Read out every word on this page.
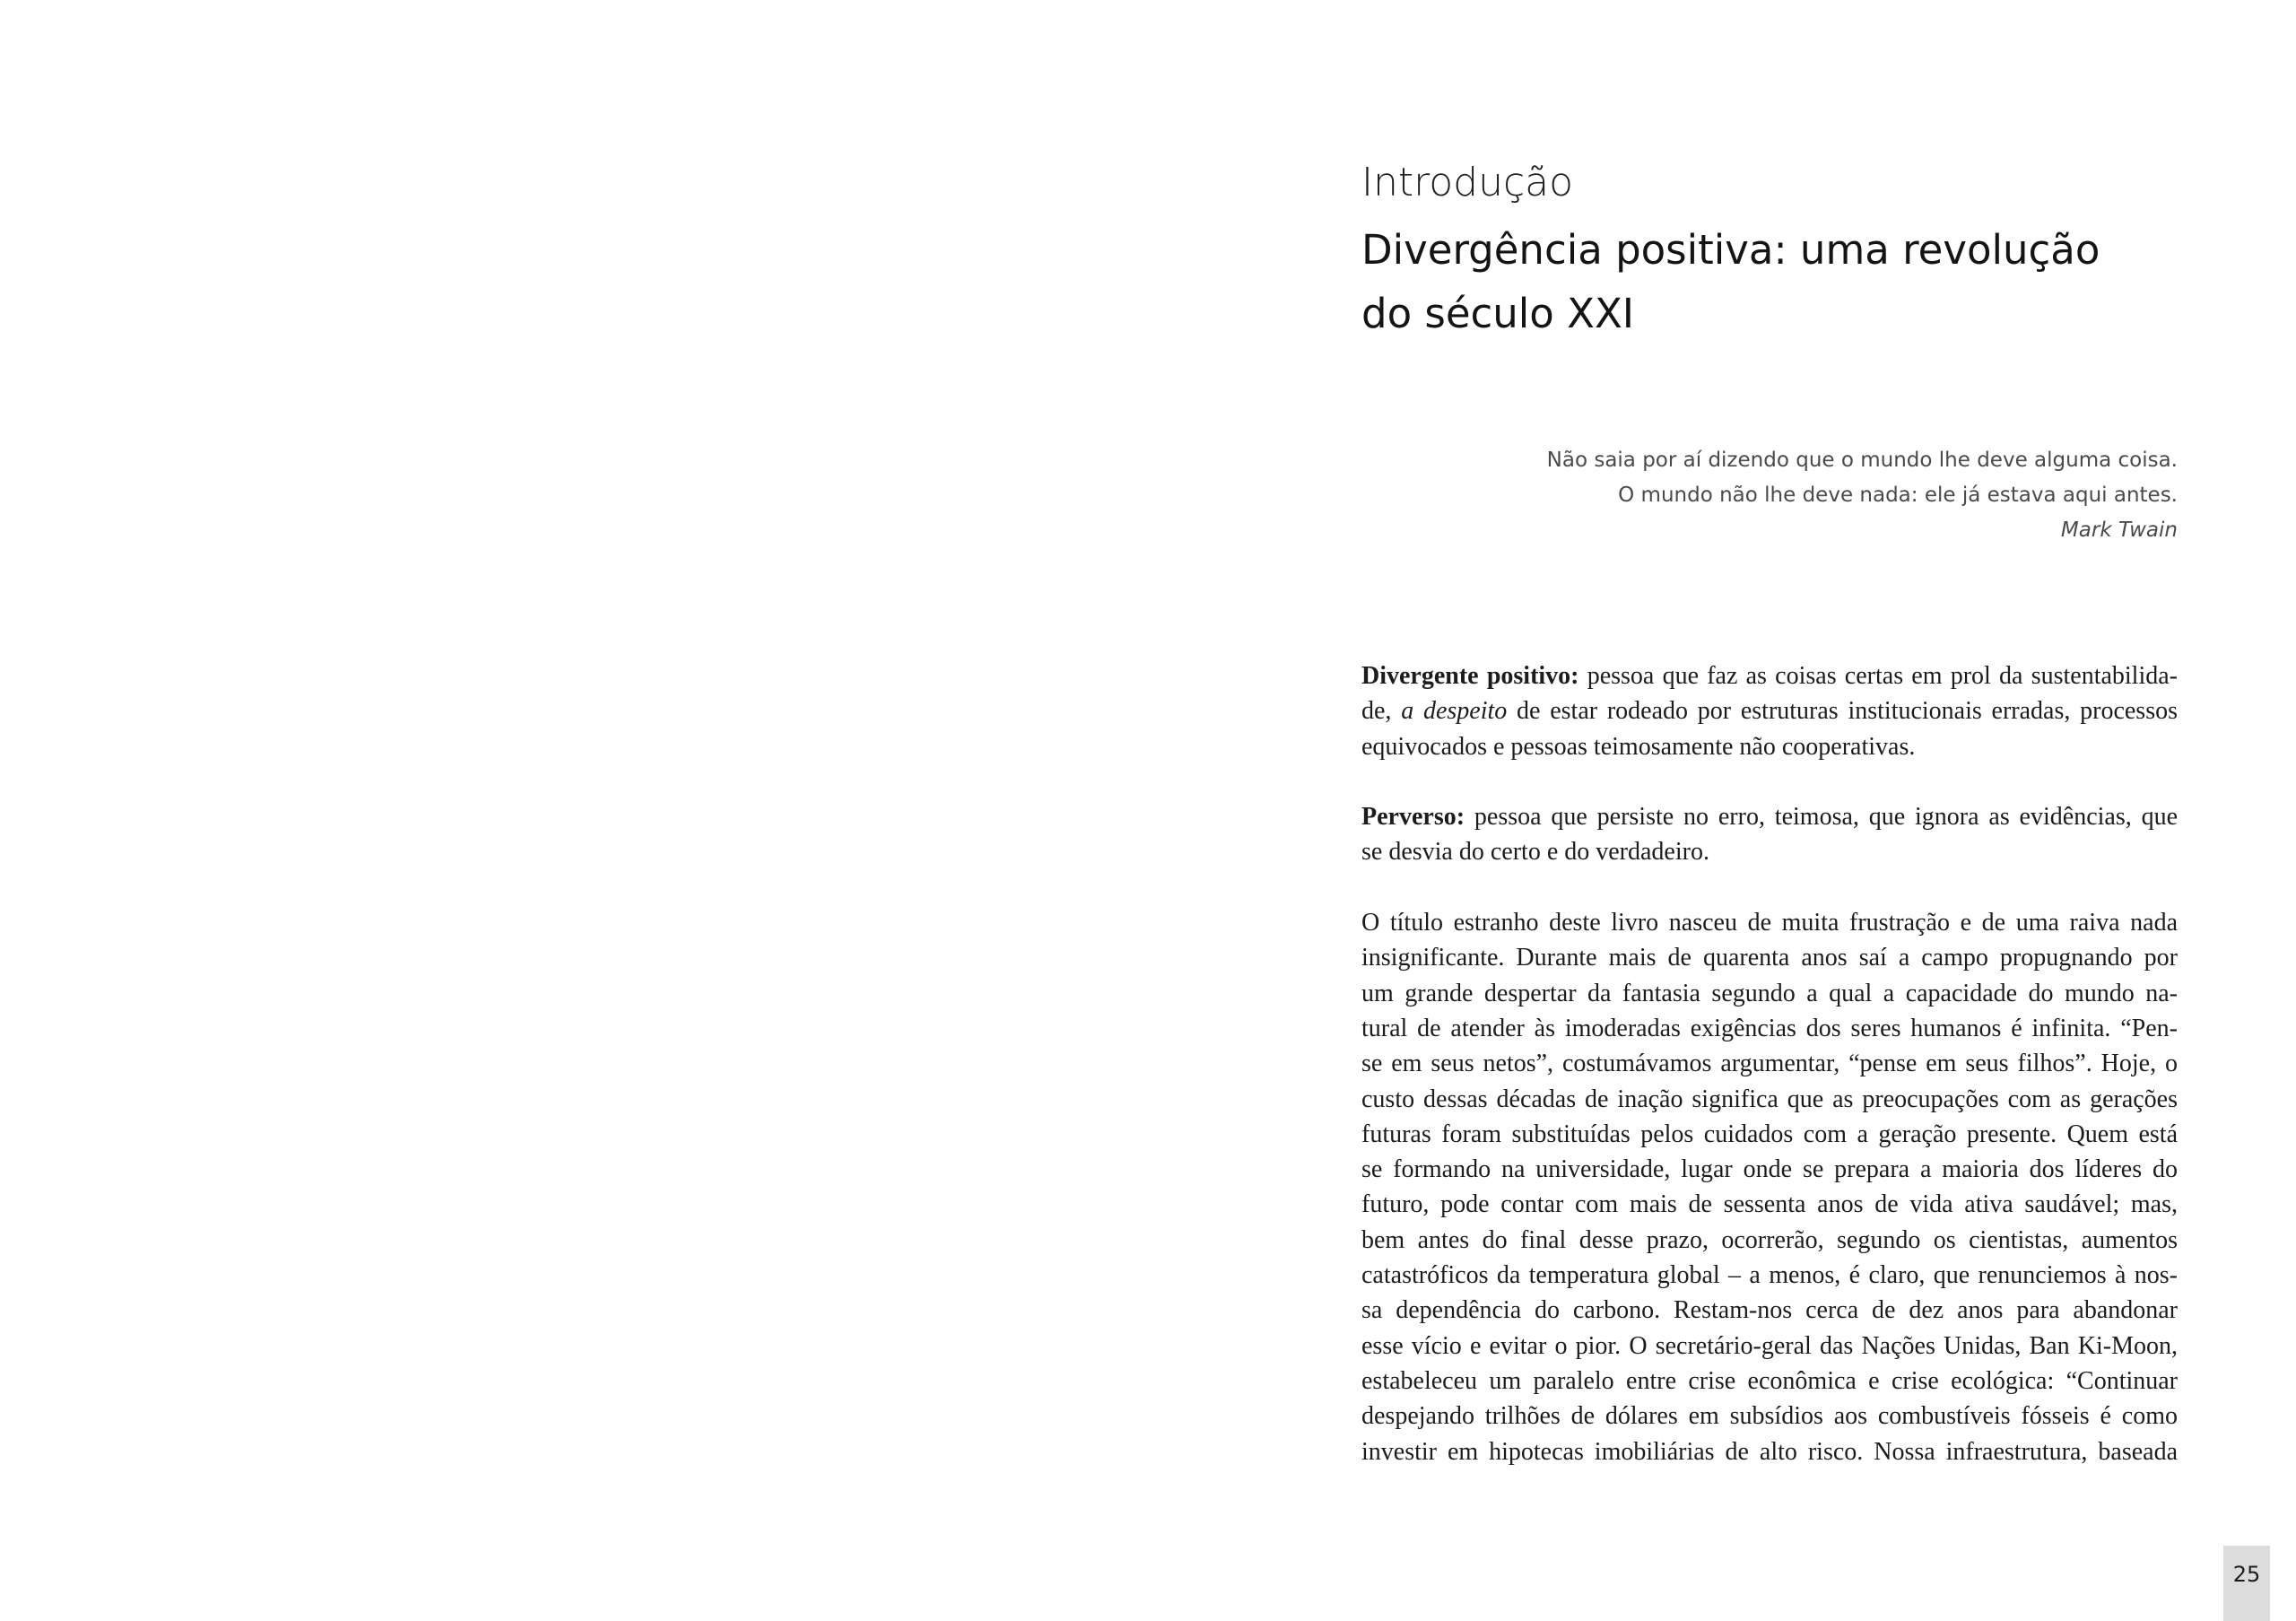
Introdução
Divergência positiva: uma revolução
do século XXI
Não saia por aí dizendo que o mundo lhe deve alguma coisa.
O mundo não lhe deve nada: ele já estava aqui antes.
Mark Twain
Divergente positivo: pessoa que faz as coisas certas em prol da sustentabilida-
de, a despeito de estar rodeado por estruturas institucionais erradas, processos
equivocados e pessoas teimosamente não cooperativas.
Perverso: pessoa que persiste no erro, teimosa, que ignora as evidências, que
se desvia do certo e do verdadeiro.
O título estranho deste livro nasceu de muita frustração e de uma raiva nada
insignificante. Durante mais de quarenta anos saí a campo propugnando por
um grande despertar da fantasia segundo a qual a capacidade do mundo na-
tural de atender às imoderadas exigências dos seres humanos é infinita. “Pen-
se em seus netos”, costumávamos argumentar, “pense em seus filhos”. Hoje, o
custo dessas décadas de inação significa que as preocupações com as gerações
futuras foram substituídas pelos cuidados com a geração presente. Quem está
se formando na universidade, lugar onde se prepara a maioria dos líderes do
futuro, pode contar com mais de sessenta anos de vida ativa saudável; mas,
bem antes do final desse prazo, ocorrerão, segundo os cientistas, aumentos
catastróficos da temperatura global – a menos, é claro, que renunciemos à nos-
sa dependência do carbono. Restam-nos cerca de dez anos para abandonar
esse vício e evitar o pior. O secretário-geral das Nações Unidas, Ban Ki-Moon,
estabeleceu um paralelo entre crise econômica e crise ecológica: “Continuar
despejando trilhões de dólares em subsídios aos combustíveis fósseis é como
investir em hipotecas imobiliárias de alto risco. Nossa infraestrutura, baseada
25
